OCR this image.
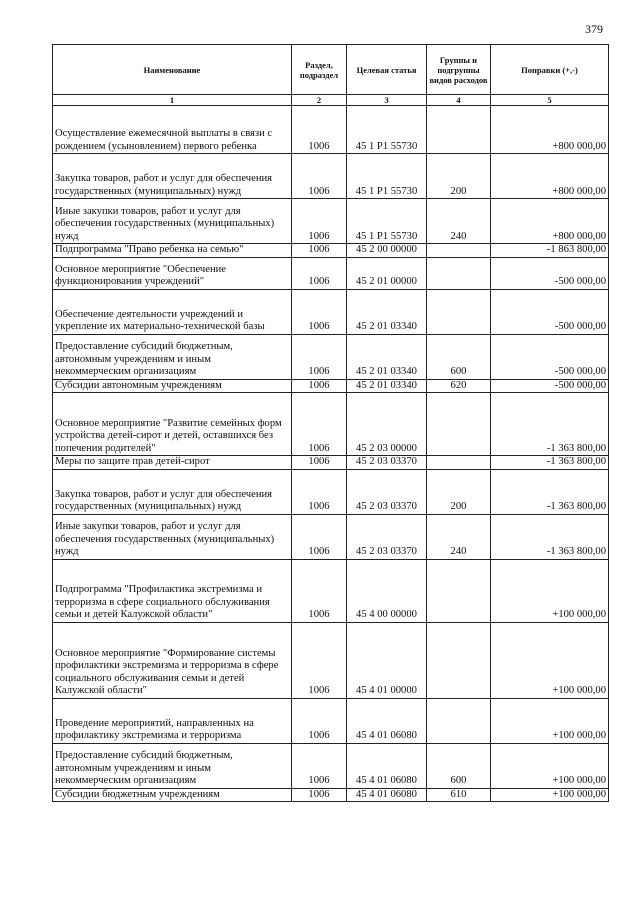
379
Наименование	Раздел, подраздел	Целевая статья	Группы и подгруппы видов расходов	Поправки (+,-)
1	2	3	4	5
Осуществление ежемесячной выплаты в связи с рождением (усыновлением) первого ребенка	1006	45 1 P1 55730		+800 000,00
Закупка товаров, работ и услуг для обеспечения государственных (муниципальных) нужд	1006	45 1 P1 55730	200	+800 000,00
Иные закупки товаров, работ и услуг для обеспечения государственных (муниципальных) нужд	1006	45 1 P1 55730	240	+800 000,00
Подпрограмма "Право ребенка на семью"	1006	45 2 00 00000		-1 863 800,00
Основное мероприятие "Обеспечение функционирования учреждений"	1006	45 2 01 00000		-500 000,00
Обеспечение деятельности учреждений и укрепление их материально-технической базы	1006	45 2 01 03340		-500 000,00
Предоставление субсидий бюджетным, автономным учреждениям и иным некоммерческим организациям	1006	45 2 01 03340	600	-500 000,00
Субсидии автономным учреждениям	1006	45 2 01 03340	620	-500 000,00
Основное мероприятие "Развитие семейных форм устройства детей-сирот и детей, оставшихся без попечения родителей"	1006	45 2 03 00000		-1 363 800,00
Меры по защите прав детей-сирот	1006	45 2 03 03370		-1 363 800,00
Закупка товаров, работ и услуг для обеспечения государственных (муниципальных) нужд	1006	45 2 03 03370	200	-1 363 800,00
Иные закупки товаров, работ и услуг для обеспечения государственных (муниципальных) нужд	1006	45 2 03 03370	240	-1 363 800,00
Подпрограмма "Профилактика экстремизма и терроризма в сфере социального обслуживания семьи и детей Калужской области"	1006	45 4 00 00000		+100 000,00
Основное мероприятие "Формирование системы профилактики экстремизма и терроризма в сфере социального обслуживания семьи и детей Калужской области"	1006	45 4 01 00000		+100 000,00
Проведение мероприятий, направленных на профилактику экстремизма и терроризма	1006	45 4 01 06080		+100 000,00
Предоставление субсидий бюджетным, автономным учреждениям и иным некоммерческим организациям	1006	45 4 01 06080	600	+100 000,00
Субсидии бюджетным учреждениям	1006	45 4 01 06080	610	+100 000,00
